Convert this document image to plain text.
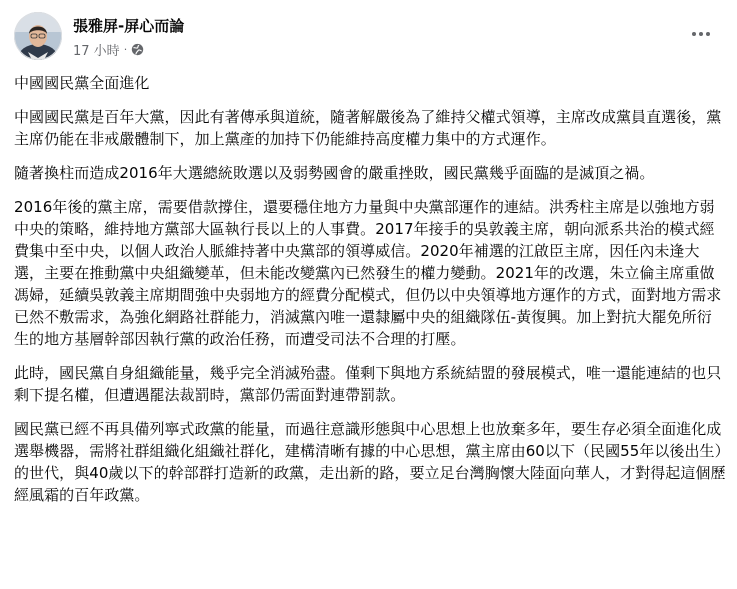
張雅屏-屏心而論
17 小時 ·

中國國民黨全面進化

中國國民黨是百年大黨，因此有著傳承與道統，隨著解嚴後為了維持父權式領導，主席改成黨員直選後，黨主席仍能在非戒嚴體制下，加上黨產的加持下仍能維持高度權力集中的方式運作。

隨著換柱而造成2016年大選總統敗選以及弱勢國會的嚴重挫敗，國民黨幾乎面臨的是滅頂之禍。

2016年後的黨主席，需要借款撐住，還要穩住地方力量與中央黨部運作的連結。洪秀柱主席是以強地方弱中央的策略，維持地方黨部大區執行長以上的人事費。2017年接手的吳敦義主席，朝向派系共治的模式經費集中至中央，以個人政治人脈維持著中央黨部的領導威信。2020年補選的江啟臣主席，因任內未逢大選，主要在推動黨中央組織變革，但未能改變黨內已然發生的權力變動。2021年的改選，朱立倫主席重做馮婦，延續吳敦義主席期間強中央弱地方的經費分配模式，但仍以中央領導地方運作的方式，面對地方需求已然不敷需求，為強化網路社群能力，消滅黨內唯一還隸屬中央的組織隊伍-黃復興。加上對抗大罷免所衍生的地方基層幹部因執行黨的政治任務，而遭受司法不合理的打壓。

此時，國民黨自身組織能量，幾乎完全消滅殆盡。僅剩下與地方系統結盟的發展模式，唯一還能連結的也只剩下提名權，但遭遇罷法裁罰時，黨部仍需面對連帶罰款。

國民黨已經不再具備列寧式政黨的能量，而過往意識形態與中心思想上也放棄多年，要生存必須全面進化成選舉機器，需將社群組織化組織社群化，建構清晰有據的中心思想，黨主席由60以下（民國55年以後出生）的世代，與40歲以下的幹部群打造新的政黨，走出新的路，要立足台灣胸懷大陸面向華人，才對得起這個歷經風霜的百年政黨。
